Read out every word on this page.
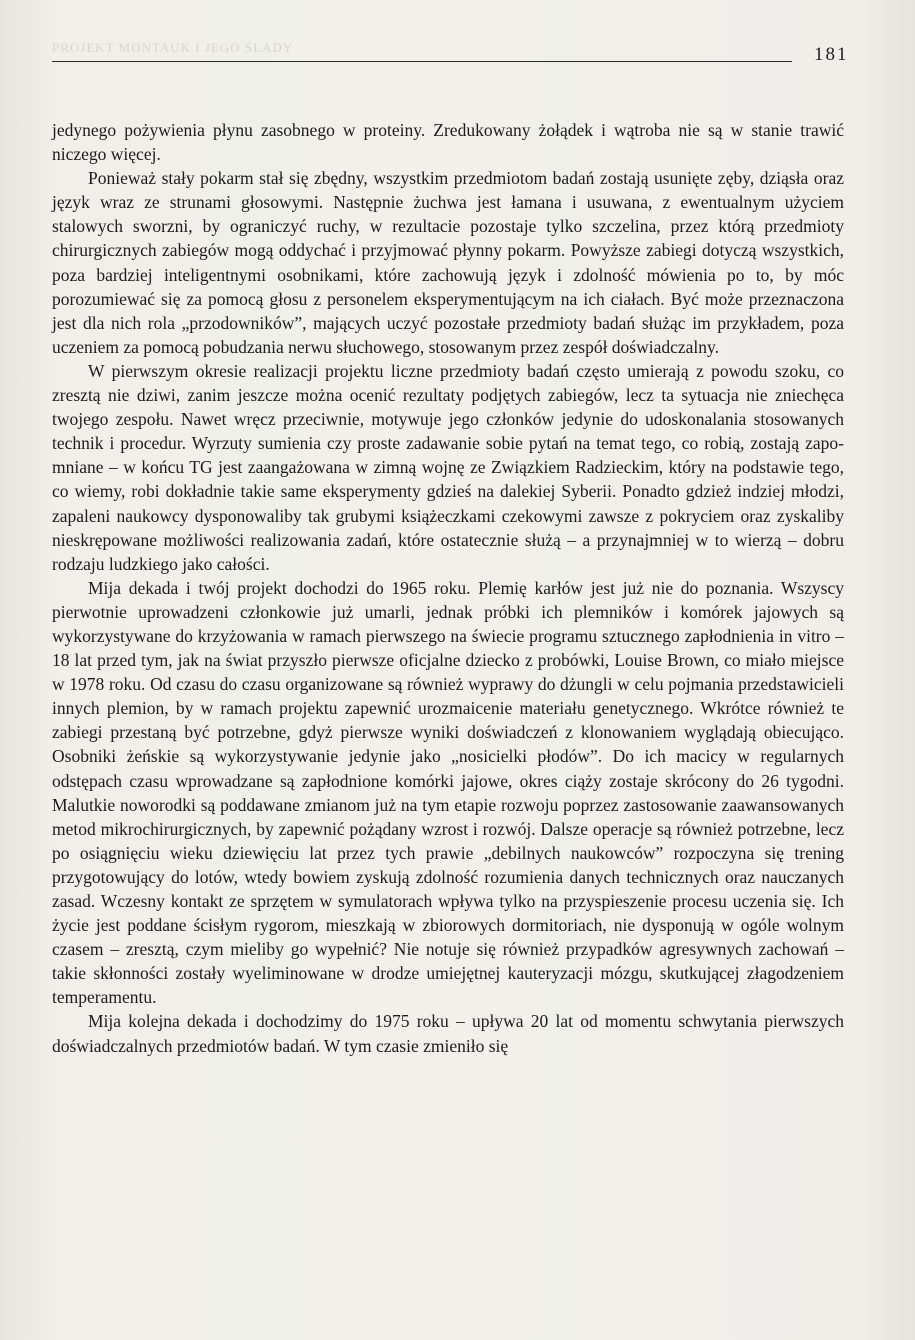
PROJEKT MONTAUK I JEGO ŚLADY	181

jedynego pożywienia płynu zasobnego w proteiny. Zredukowany żołądek i wątroba nie są w stanie trawić niczego więcej.

Ponieważ stały pokarm stał się zbędny, wszystkim przedmiotom badań zostają usunięte zęby, dziąsła oraz język wraz ze strunami głosowymi. Następnie żuchwa jest łamana i usuwana, z ewentualnym użyciem stalowych sworzni, by ograniczyć ruchy, w rezultacie pozostaje tylko szczelina, przez którą przedmioty chirurgicznych zabiegów mogą oddychać i przyjmować płynny pokarm. Powyższe zabiegi dotyczą wszystkich, poza bardziej inteligentnymi osobnikami, które zachowują język i zdolność mówienia po to, by móc porozumiewać się za pomocą głosu z personelem eksperymentującym na ich ciałach. Być może przeznaczona jest dla nich rola „przodowników”, mających uczyć pozostałe przedmioty badań służąc im przykładem, poza uczeniem za pomocą pobudzania nerwu słuchowego, stosowanym przez zespół doświadczalny.

W pierwszym okresie realizacji projektu liczne przedmioty badań często umierają z powodu szoku, co zresztą nie dziwi, zanim jeszcze można ocenić rezultaty podjętych zabiegów, lecz ta sytuacja nie zniechęca twojego zespołu. Nawet wręcz przeciwnie, motywuje jego członków jedynie do udoskonalania stosowanych technik i procedur. Wyrzuty sumienia czy proste zadawanie sobie pytań na temat tego, co robią, zostają zapomniane – w końcu TG jest zaangażowana w zimną wojnę ze Związkiem Radzieckim, który na podstawie tego, co wiemy, robi dokładnie takie same eksperymenty gdzieś na dalekiej Syberii. Ponadto gdzież indziej młodzi, zapaleni naukowcy dysponowaliby tak grubymi książeczkami czekowymi zawsze z pokryciem oraz zyskaliby nieskrępowane możliwości realizowania zadań, które ostatecznie służą – a przynajmniej w to wierzą – dobru rodzaju ludzkiego jako całości.

Mija dekada i twój projekt dochodzi do 1965 roku. Plemię karłów jest już nie do poznania. Wszyscy pierwotnie uprowadzeni członkowie już umarli, jednak próbki ich plemników i komórek jajowych są wykorzystywane do krzyżowania w ramach pierwszego na świecie programu sztucznego zapłodnienia in vitro – 18 lat przed tym, jak na świat przyszło pierwsze oficjalne dziecko z probówki, Louise Brown, co miało miejsce w 1978 roku. Od czasu do czasu organizowane są również wyprawy do dżungli w celu pojmania przedstawicieli innych plemion, by w ramach projektu zapewnić urozmaicenie materiału genetycznego. Wkrótce również te zabiegi przestaną być potrzebne, gdyż pierwsze wyniki doświadczeń z klonowaniem wyglądają obiecująco. Osobniki żeńskie są wykorzystywanie jedynie jako „nosicielki płodów”. Do ich macicy w regularnych odstępach czasu wprowadzane są zapłodnione komórki jajowe, okres ciąży zostaje skrócony do 26 tygodni. Malutkie noworodki są poddawane zmianom już na tym etapie rozwoju poprzez zastosowanie zaawansowanych metod mikrochirurgicznych, by zapewnić pożądany wzrost i rozwój. Dalsze operacje są również potrzebne, lecz po osiągnięciu wieku dziewięciu lat przez tych prawie „debilnych naukowców” rozpoczyna się trening przygotowujący do lotów, wtedy bowiem zyskują zdolność rozumienia danych technicznych oraz nauczanych zasad. Wczesny kontakt ze sprzętem w symulatorach wpływa tylko na przyspieszenie procesu uczenia się. Ich życie jest poddane ścisłym rygorom, mieszkają w zbiorowych dormitoriach, nie dysponują w ogóle wolnym czasem – zresztą, czym mieliby go wypełnić? Nie notuje się również przypadków agresywnych zachowań – takie skłonności zostały wyeliminowane w drodze umiejętnej kauteryzacji mózgu, skutkującej złagodzeniem temperamentu.

Mija kolejna dekada i dochodzimy do 1975 roku – upływa 20 lat od momentu schwytania pierwszych doświadczalnych przedmiotów badań. W tym czasie zmieniło się
